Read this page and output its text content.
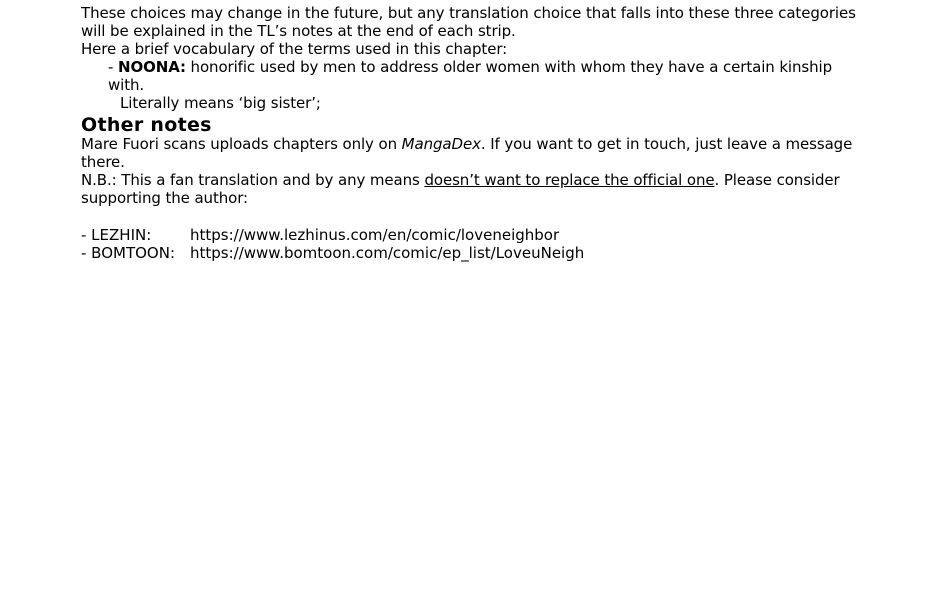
These choices may change in the future, but any translation choice that falls into these three categories will be explained in the TL’s notes at the end of each strip.

Here a brief vocabulary of the terms used in this chapter:

- NOONA: honorific used by men to address older women with whom they have a certain kinship with.
Literally means ‘big sister’;
Other notes

Mare Fuori scans uploads chapters only on MangaDex. If you want to get in touch, just leave a message there.

N.B.: This a fan translation and by any means doesn’t want to replace the official one. Please consider supporting the author:

- LEZHIN:	https://www.lezhinus.com/en/comic/loveneighbor
- BOMTOON: https://www.bomtoon.com/comic/ep_list/LoveuNeigh
